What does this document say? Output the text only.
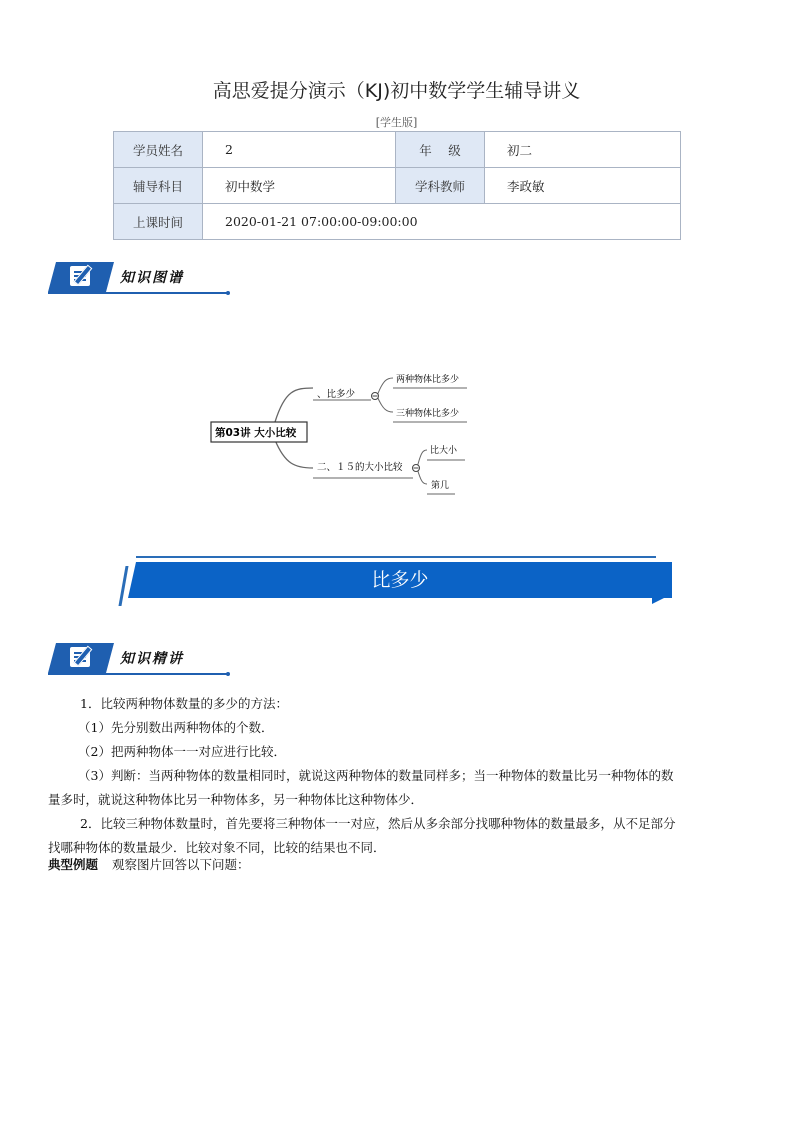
高思爱提分演示（KJ)初中数学学生辅导讲义
[学生版]
学员姓名	2	年　 级	初二
辅导科目	初中数学	学科教师	李政敏
上课时间	2020-01-21 07:00:00-09:00:00		
知识图谱
第03讲 大小比较
、比多少
两种物体比多少
三种物体比多少
二、１５的大小比较
比大小
第几
比多少
知识精讲

1．比较两种物体数量的多少的方法：

（1）先分别数出两种物体的个数．

（2）把两种物体一一对应进行比较．

（3）判断：当两种物体的数量相同时，就说这两种物体的数量同样多；当一种物体的数量比另一种物体的数

量多时，就说这种物体比另一种物体多，另一种物体比这种物体少．

2．比较三种物体数量时，首先要将三种物体一一对应，然后从多余部分找哪种物体的数量最多，从不足部分

找哪种物体的数量最少．比较对象不同，比较的结果也不同．

典型例题 观察图片回答以下问题：
